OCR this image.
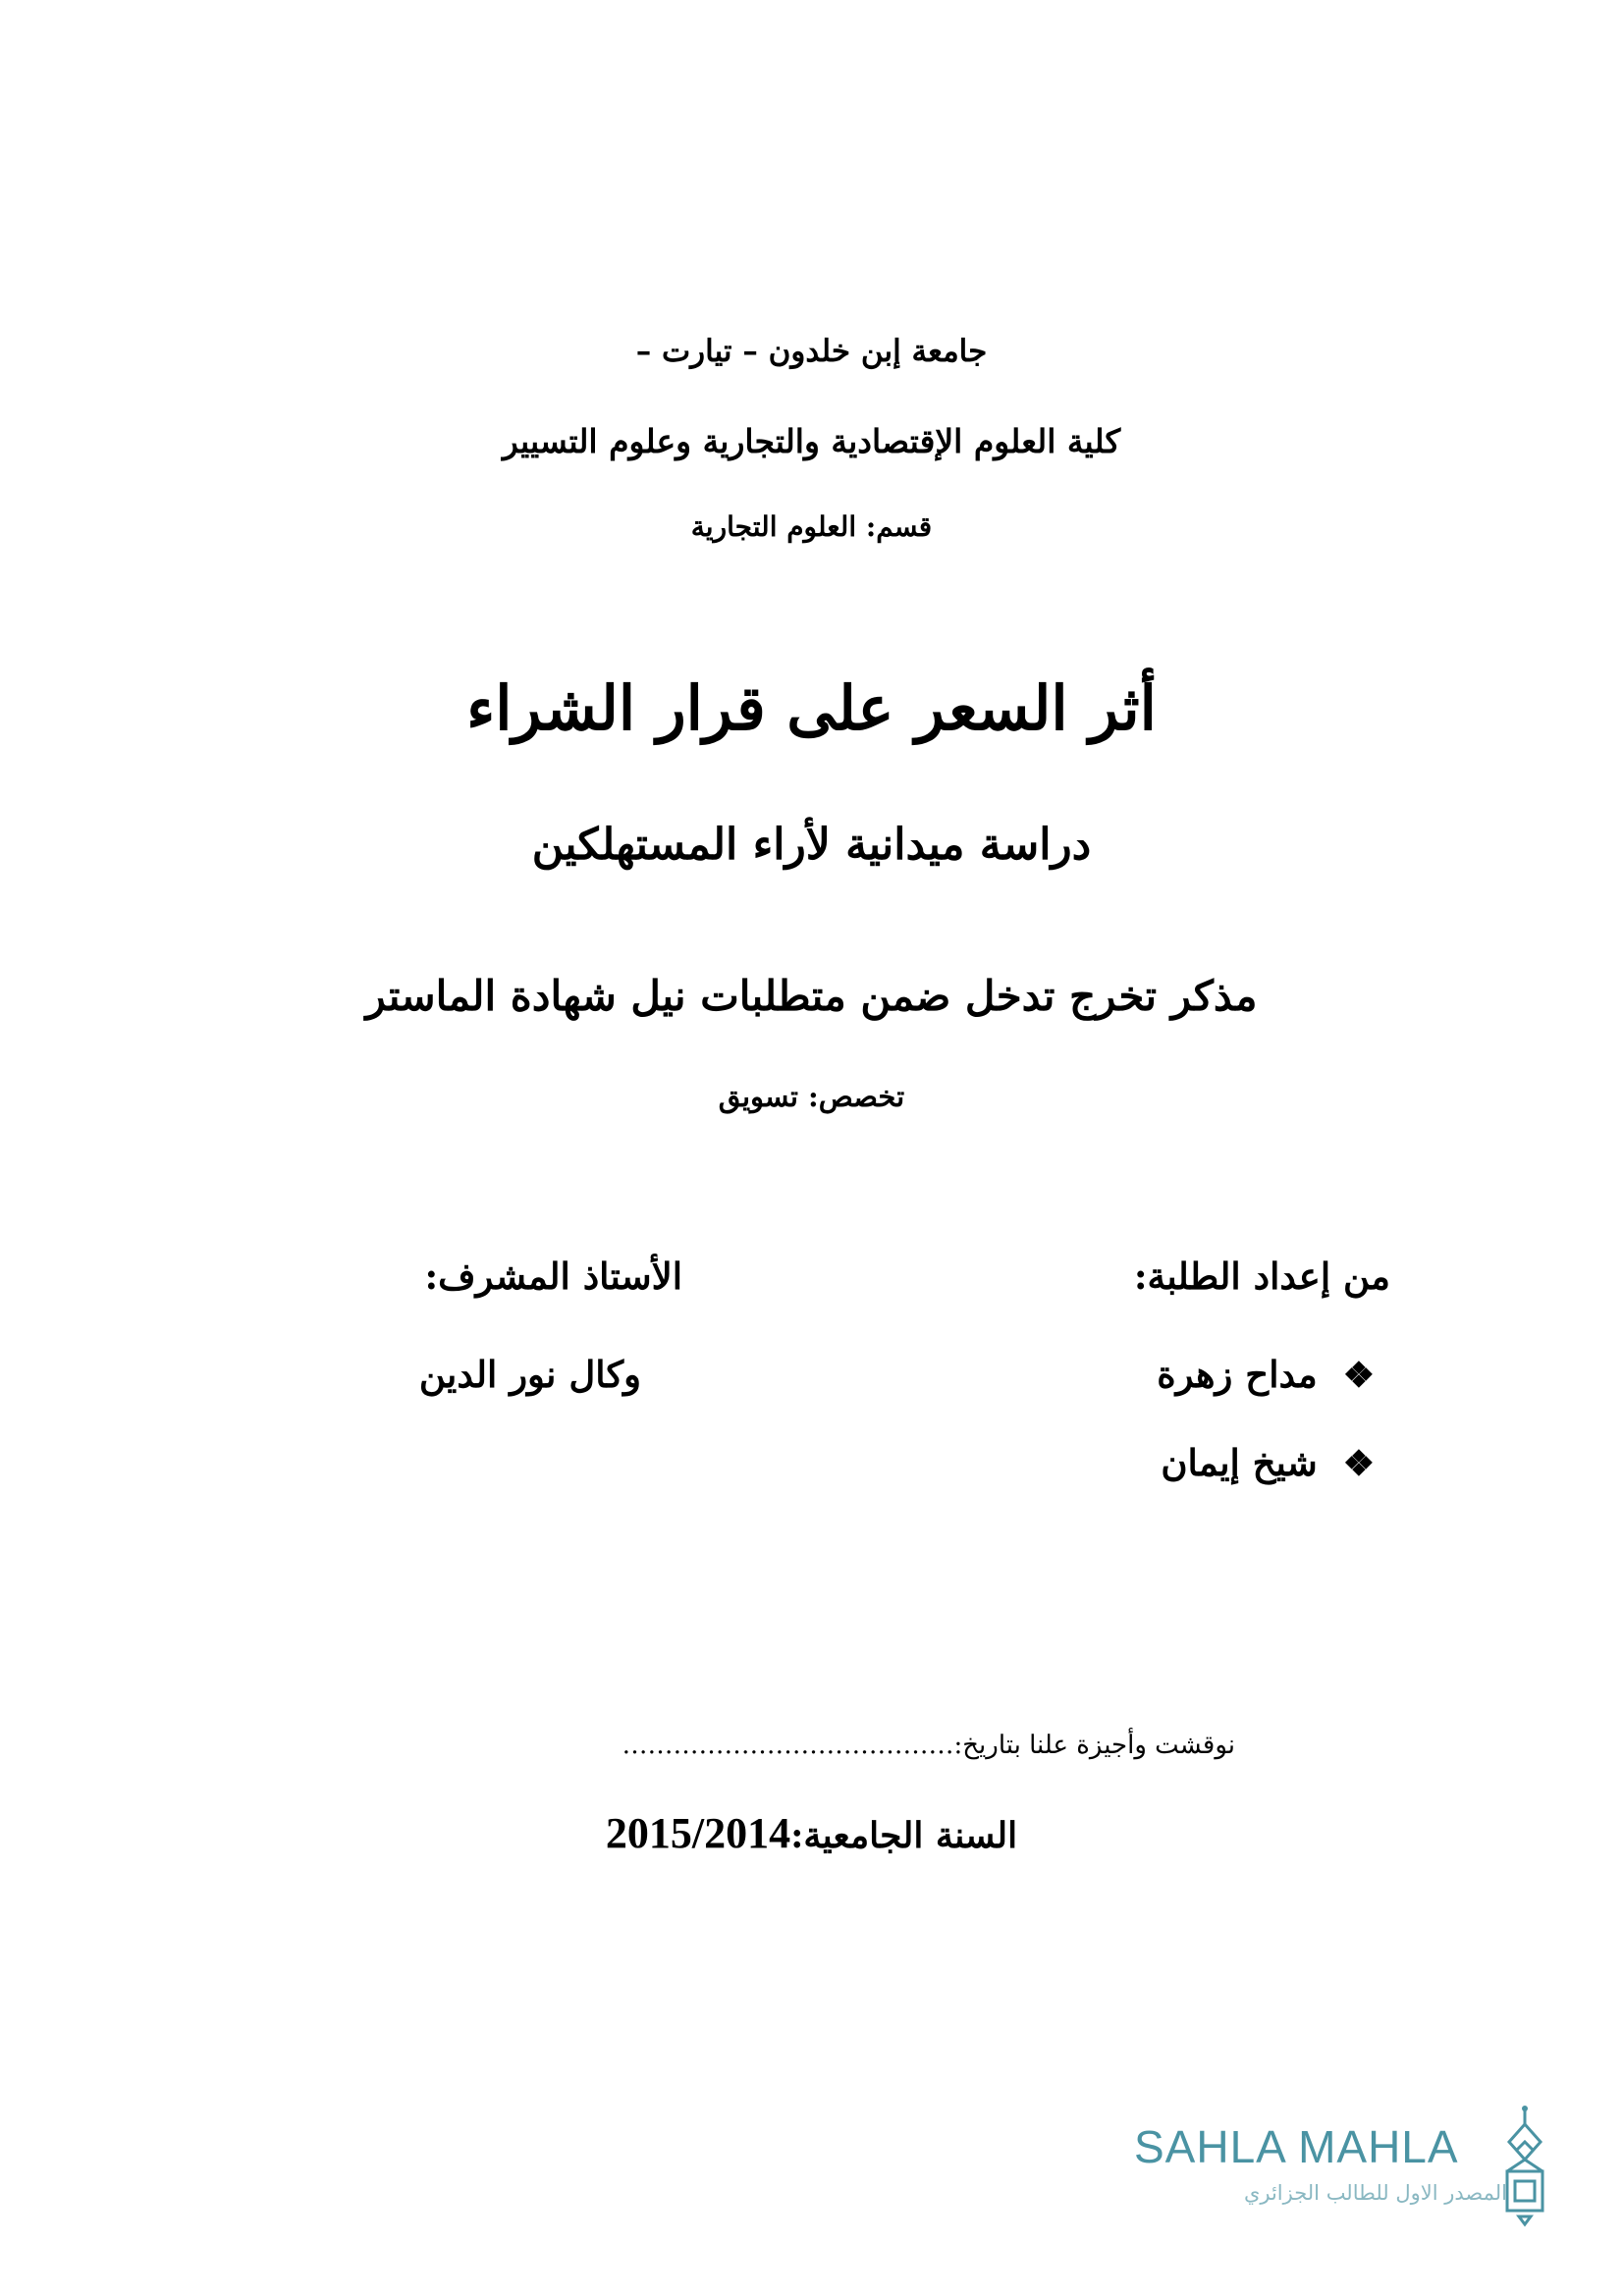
جامعة إبن خلدون – تيارت –
كلية العلوم الإقتصادية والتجارية وعلوم التسيير
قسم: العلوم التجارية
أثر السعر على قرار الشراء
دراسة ميدانية لأراء المستهلكين
مذكر تخرج تدخل ضمن متطلبات نيل شهادة الماستر
تخصص: تسويق
من إعداد الطلبة:
الأستاذ المشرف:
❖مداح زهرة
❖شيخ إيمان
وكال نور الدين
نوقشت وأجيزة علنا بتاريخ:…………………………………
السنة الجامعية:2015/2014
SAHLA MAHLA
المصدر الاول للطالب الجزائري
